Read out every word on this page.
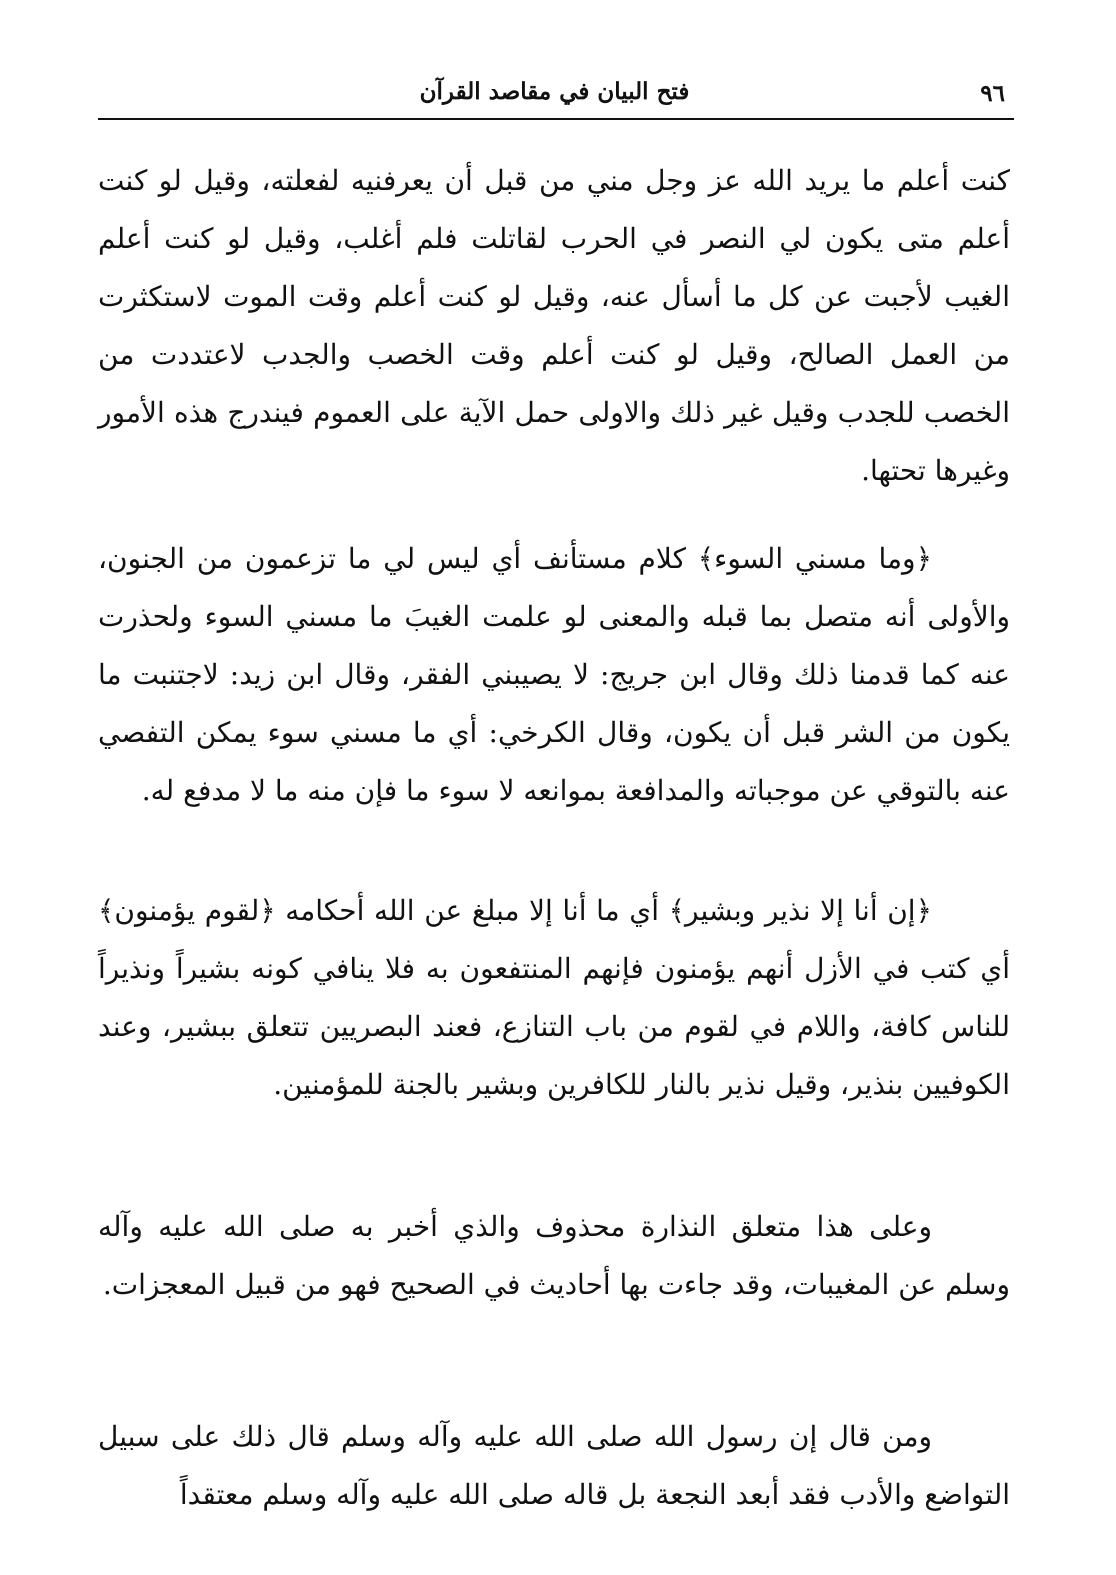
فتح البيان في مقاصد القرآن	٩٦

كنت أعلم ما يريد الله عز وجل مني من قبل أن يعرفنيه لفعلته، وقيل لو كنت أعلم متى يكون لي النصر في الحرب لقاتلت فلم أغلب، وقيل لو كنت أعلم الغيب لأجبت عن كل ما أسأل عنه، وقيل لو كنت أعلم وقت الموت لاستكثرت من العمل الصالح، وقيل لو كنت أعلم وقت الخصب والجدب لاعتددت من الخصب للجدب وقيل غير ذلك والاولى حمل الآية على العموم فيندرج هذه الأمور وغيرها تحتها.

﴿وما مسني السوء﴾ كلام مستأنف أي ليس لي ما تزعمون من الجنون، والأولى أنه متصل بما قبله والمعنى لو علمت الغيبَ ما مسني السوء ولحذرت عنه كما قدمنا ذلك وقال ابن جريج: لا يصيبني الفقر، وقال ابن زيد: لاجتنبت ما يكون من الشر قبل أن يكون، وقال الكرخي: أي ما مسني سوء يمكن التفصي عنه بالتوقي عن موجباته والمدافعة بموانعه لا سوء ما فإن منه ما لا مدفع له.

﴿إن أنا إلا نذير وبشير﴾ أي ما أنا إلا مبلغ عن الله أحكامه ﴿لقوم يؤمنون﴾ أي كتب في الأزل أنهم يؤمنون فإنهم المنتفعون به فلا ينافي كونه بشيراً ونذيراً للناس كافة، واللام في لقوم من باب التنازع، فعند البصريين تتعلق ببشير، وعند الكوفيين بنذير، وقيل نذير بالنار للكافرين وبشير بالجنة للمؤمنين.

وعلى هذا متعلق النذارة محذوف والذي أخبر به صلى الله عليه وآله وسلم عن المغيبات، وقد جاءت بها أحاديث في الصحيح فهو من قبيل المعجزات.

ومن قال إن رسول الله صلى الله عليه وآله وسلم قال ذلك على سبيل التواضع والأدب فقد أبعد النجعة بل قاله صلى الله عليه وآله وسلم معتقداً
